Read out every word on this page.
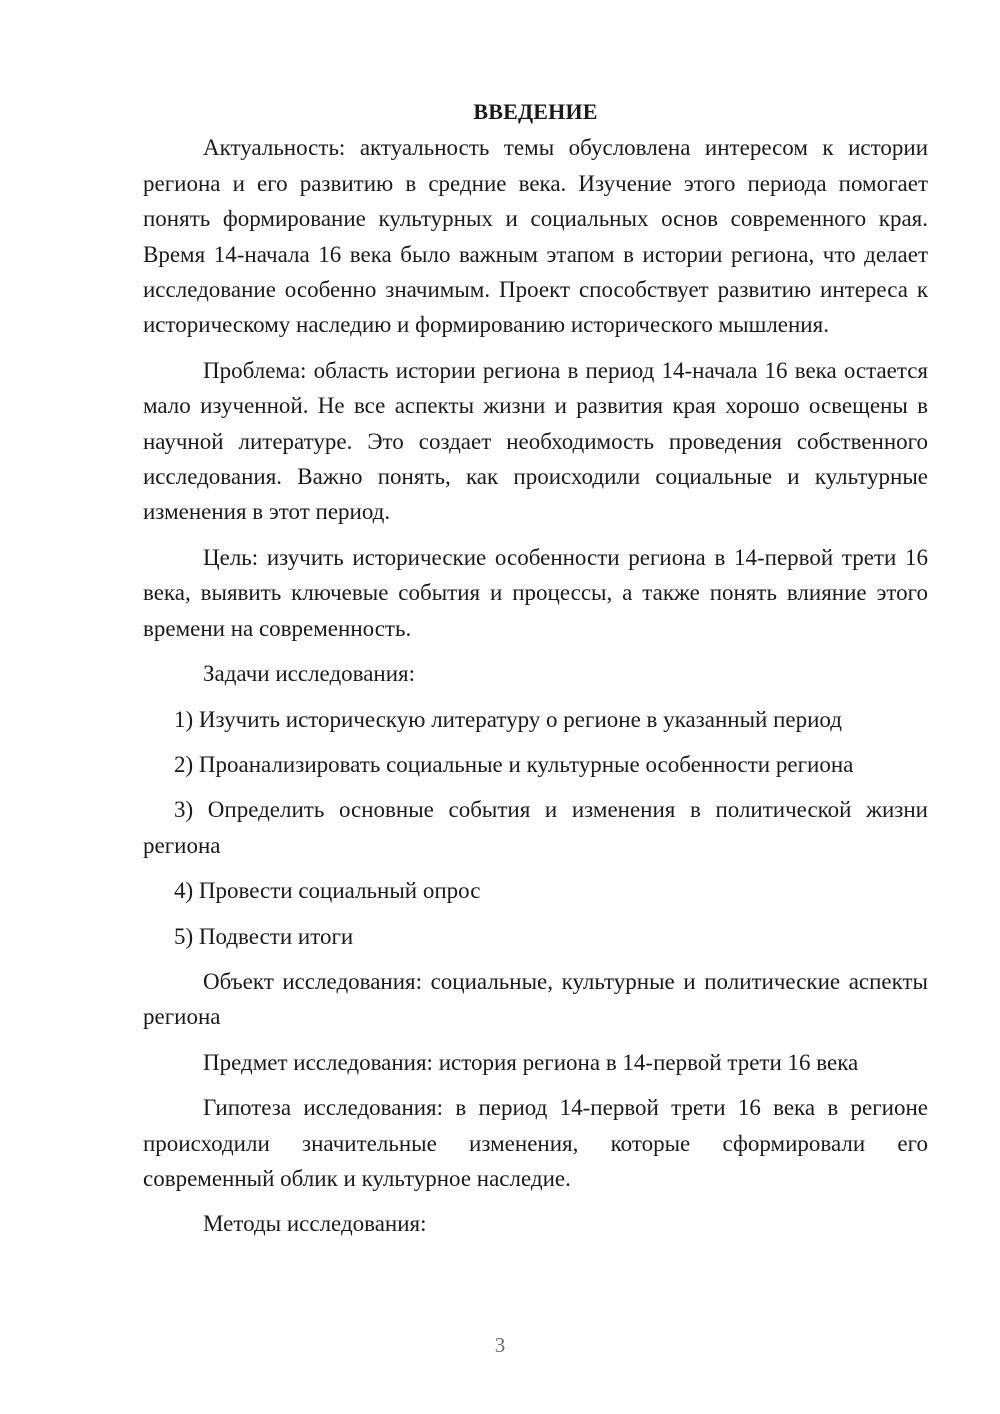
ВВЕДЕНИЕ

Актуальность: актуальность темы обусловлена интересом к истории региона и его развитию в средние века. Изучение этого периода помогает понять формирование культурных и социальных основ современного края. Время 14-начала 16 века было важным этапом в истории региона, что делает исследование особенно значимым. Проект способствует развитию интереса к историческому наследию и формированию исторического мышления.

Проблема: область истории региона в период 14-начала 16 века остается мало изученной. Не все аспекты жизни и развития края хорошо освещены в научной литературе. Это создает необходимость проведения собственного исследования. Важно понять, как происходили социальные и культурные изменения в этот период.

Цель: изучить исторические особенности региона в 14-первой трети 16 века, выявить ключевые события и процессы, а также понять влияние этого времени на современность.

Задачи исследования:

1) Изучить историческую литературу о регионе в указанный период

2) Проанализировать социальные и культурные особенности региона

3) Определить основные события и изменения в политической жизни региона

4) Провести социальный опрос

5) Подвести итоги

Объект исследования: социальные, культурные и политические аспекты региона

Предмет исследования: история региона в 14-первой трети 16 века

Гипотеза исследования: в период 14-первой трети 16 века в регионе происходили значительные изменения, которые сформировали его современный облик и культурное наследие.

Методы исследования:

3
